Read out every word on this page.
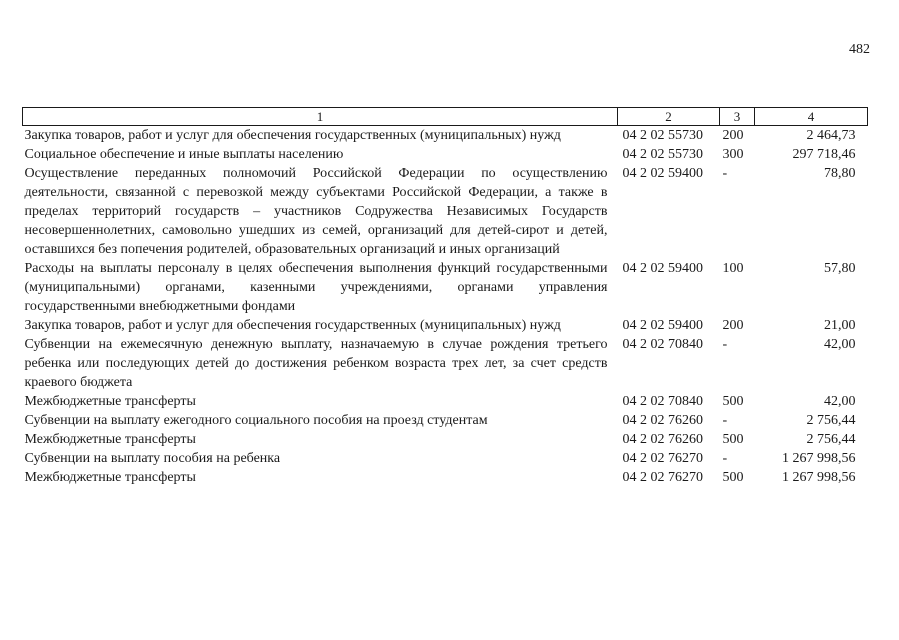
482
1	2	3	4
Закупка товаров, работ и услуг для обеспечения государственных (муниципальных) нужд	04 2 02 55730	200	2 464,73
Социальное обеспечение и иные выплаты населению	04 2 02 55730	300	297 718,46
Осуществление переданных полномочий Российской Федерации по осуществлению деятельности, связанной с перевозкой между субъектами Российской Федерации, а также в пределах территорий государств – участников Содружества Независимых Государств несовершеннолетних, самовольно ушедших из семей, организаций для детей-сирот и детей, оставшихся без попечения родителей, образовательных организаций и иных организаций	04 2 02 59400	-	78,80
Расходы на выплаты персоналу в целях обеспечения выполнения функций государственными (муниципальными) органами, казенными учреждениями, органами управления государственными внебюджетными фондами	04 2 02 59400	100	57,80
Закупка товаров, работ и услуг для обеспечения государственных (муниципальных) нужд	04 2 02 59400	200	21,00
Субвенции на ежемесячную денежную выплату, назначаемую в случае рождения третьего ребенка или последующих детей до достижения ребенком возраста трех лет, за счет средств краевого бюджета	04 2 02 70840	-	42,00
Межбюджетные трансферты	04 2 02 70840	500	42,00
Субвенции на выплату ежегодного социального пособия на проезд студентам	04 2 02 76260	-	2 756,44
Межбюджетные трансферты	04 2 02 76260	500	2 756,44
Субвенции на выплату пособия на ребенка	04 2 02 76270	-	1 267 998,56
Межбюджетные трансферты	04 2 02 76270	500	1 267 998,56
